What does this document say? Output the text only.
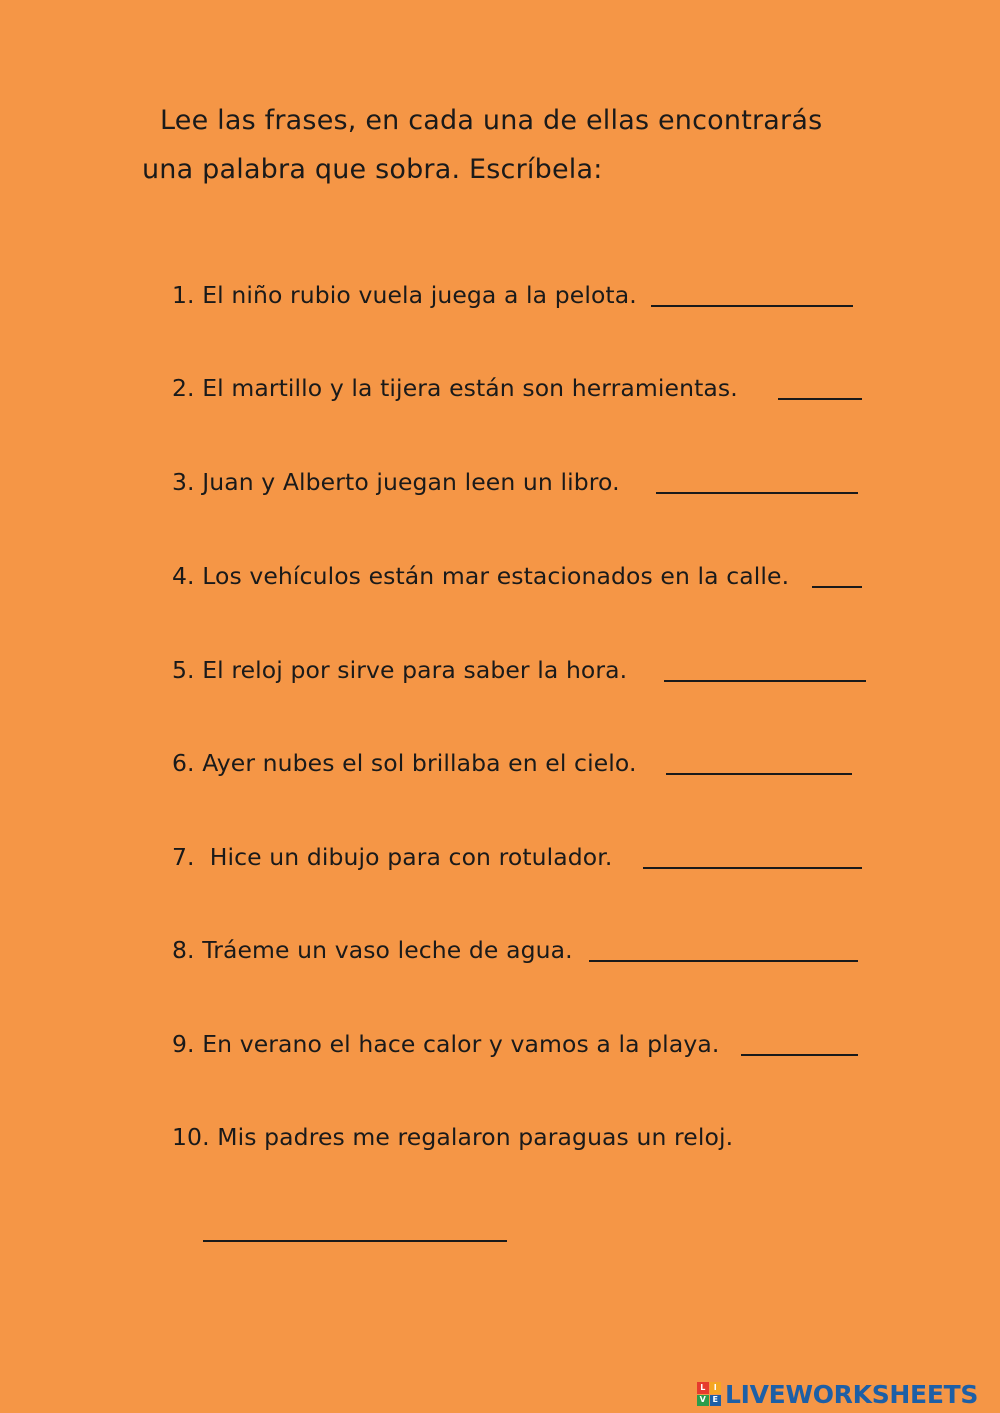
Lee las frases, en cada una de ellas encontrarás
una palabra que sobra. Escríbela:

1. El niño rubio vuela juega a la pelota.
2. El martillo y la tijera están son herramientas.
3. Juan y Alberto juegan leen un libro.
4. Los vehículos están mar estacionados en la calle.
5. El reloj por sirve para saber la hora.
6. Ayer nubes el sol brillaba en el cielo.
7.  Hice un dibujo para con rotulador.
8. Tráeme un vaso leche de agua.
9. En verano el hace calor y vamos a la playa.
10. Mis padres me regalaron paraguas un reloj.
L	I
V E LIVEWORKSHEETS
